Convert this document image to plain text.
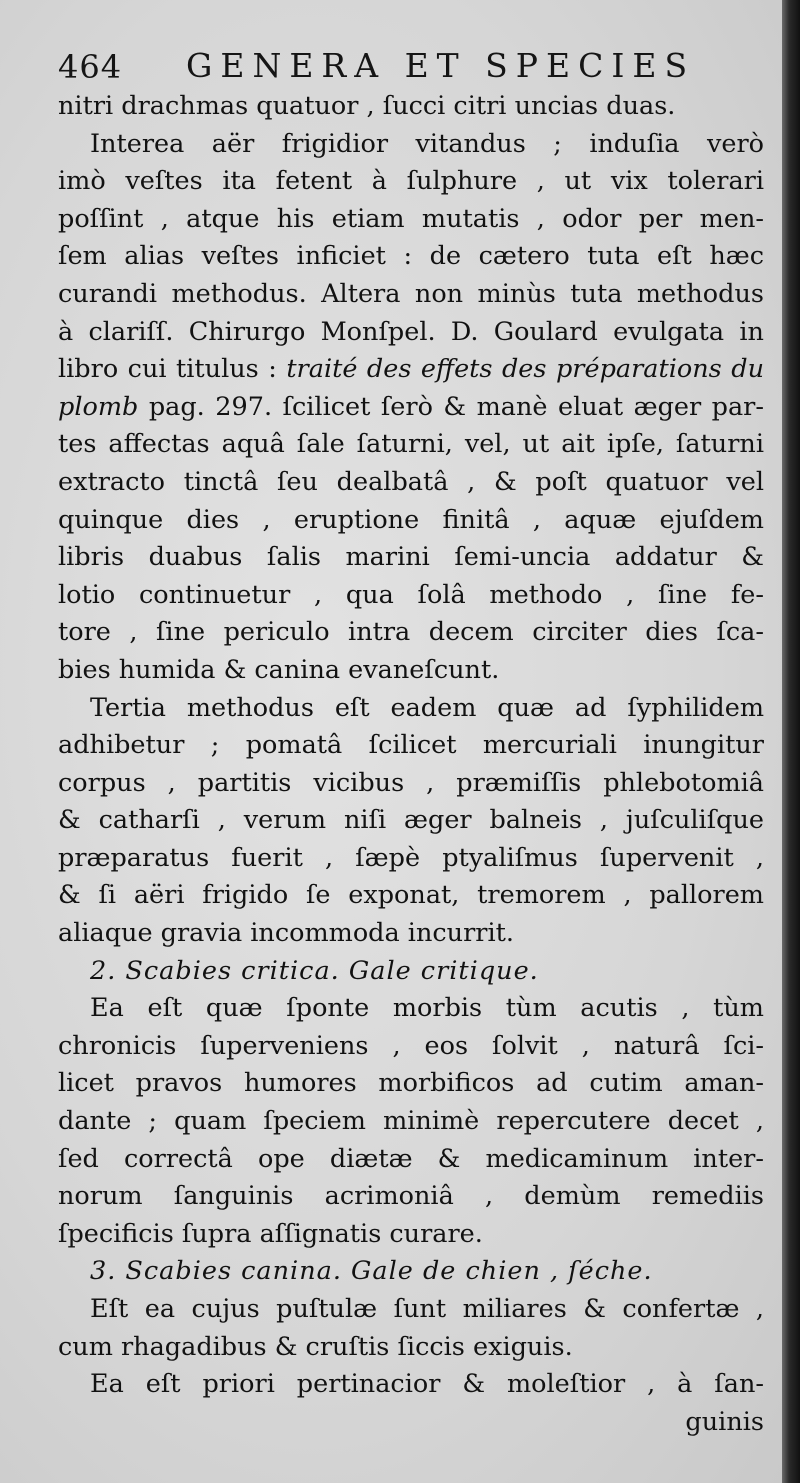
464 GENERA ET SPECIES
nitri drachmas quatuor , ſucci citri uncias duas.
Interea aër frigidior vitandus ; induſia verò
imò veſtes ita fetent à ſulphure , ut vix tolerari
poſſint , atque his etiam mutatis , odor per men-
ſem alias veſtes inficiet : de cætero tuta eſt hæc
curandi methodus. Altera non minùs tuta methodus
à clariſſ. Chirurgo Monſpel. D. Goulard evulgata in
libro cui titulus : traité des effets des préparations du
plomb pag. 297. ſcilicet ſerò & manè eluat æger par-
tes affectas aquâ ſale ſaturni, vel, ut ait ipſe, ſaturni
extracto tinctâ ſeu dealbatâ , & poſt quatuor vel
quinque dies , eruptione finitâ , aquæ ejuſdem
libris duabus ſalis marini ſemi-uncia addatur &
lotio continuetur , qua ſolâ methodo , ſine fe-
tore , ſine periculo intra decem circiter dies ſca-
bies humida & canina evaneſcunt.
Tertia methodus eſt eadem quæ ad ſyphilidem
adhibetur ; pomatâ ſcilicet mercuriali inungitur
corpus , partitis vicibus , præmiſſis phlebotomiâ
& catharſi , verum niſi æger balneis , juſculiſque
præparatus fuerit , ſæpè ptyaliſmus ſupervenit ,
& ſi aëri frigido ſe exponat, tremorem , pallorem
aliaque gravia incommoda incurrit.
2. Scabies critica. Gale critique.
Ea eſt quæ ſponte morbis tùm acutis , tùm
chronicis ſuperveniens , eos ſolvit , naturâ ſci-
licet pravos humores morbificos ad cutim aman-
dante ; quam ſpeciem minimè repercutere decet ,
ſed correctâ ope diætæ & medicaminum inter-
norum ſanguinis acrimoniâ , demùm remediis
ſpecificis ſupra aſſignatis curare.
3. Scabies canina. Gale de chien , ſéche.
Eſt ea cujus puſtulæ ſunt miliares & confertæ ,
cum rhagadibus & cruſtis ſiccis exiguis.
Ea eſt priori pertinacior & moleſtior , à ſan-
guinis
